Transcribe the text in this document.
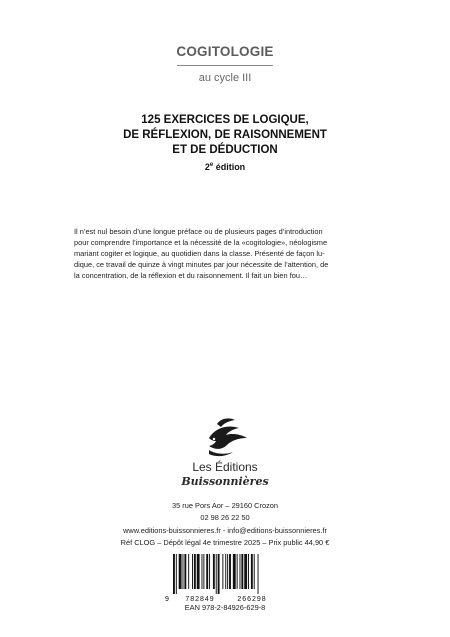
COGITOLOGIE
au cycle III
125 EXERCICES DE LOGIQUE,
DE RÉFLEXION, DE RAISONNEMENT
ET DE DÉDUCTION
2e édition
Il n’est nul besoin d’une longue préface ou de plusieurs pages d’introduction
pour comprendre l’importance et la nécessité de la «cogitologie», néologisme
mariant cogiter et logique, au quotidien dans la classe. Présenté de façon lu-
dique, ce travail de quinze à vingt minutes par jour nécessite de l’attention, de
la concentration, de la réflexion et du raisonnement. Il fait un bien fou…
Les Éditions
Buissonnières
35 rue Pors Aor – 29160 Crozon
02 98 26 22 50
www.editions-buissonnieres.fr - info@editions-buissonnieres.fr
Réf CLOG – Dépôt légal 4e trimestre 2025 – Prix public 44,90 €
9	782849	266298
EAN 978-2-84926-629-8
